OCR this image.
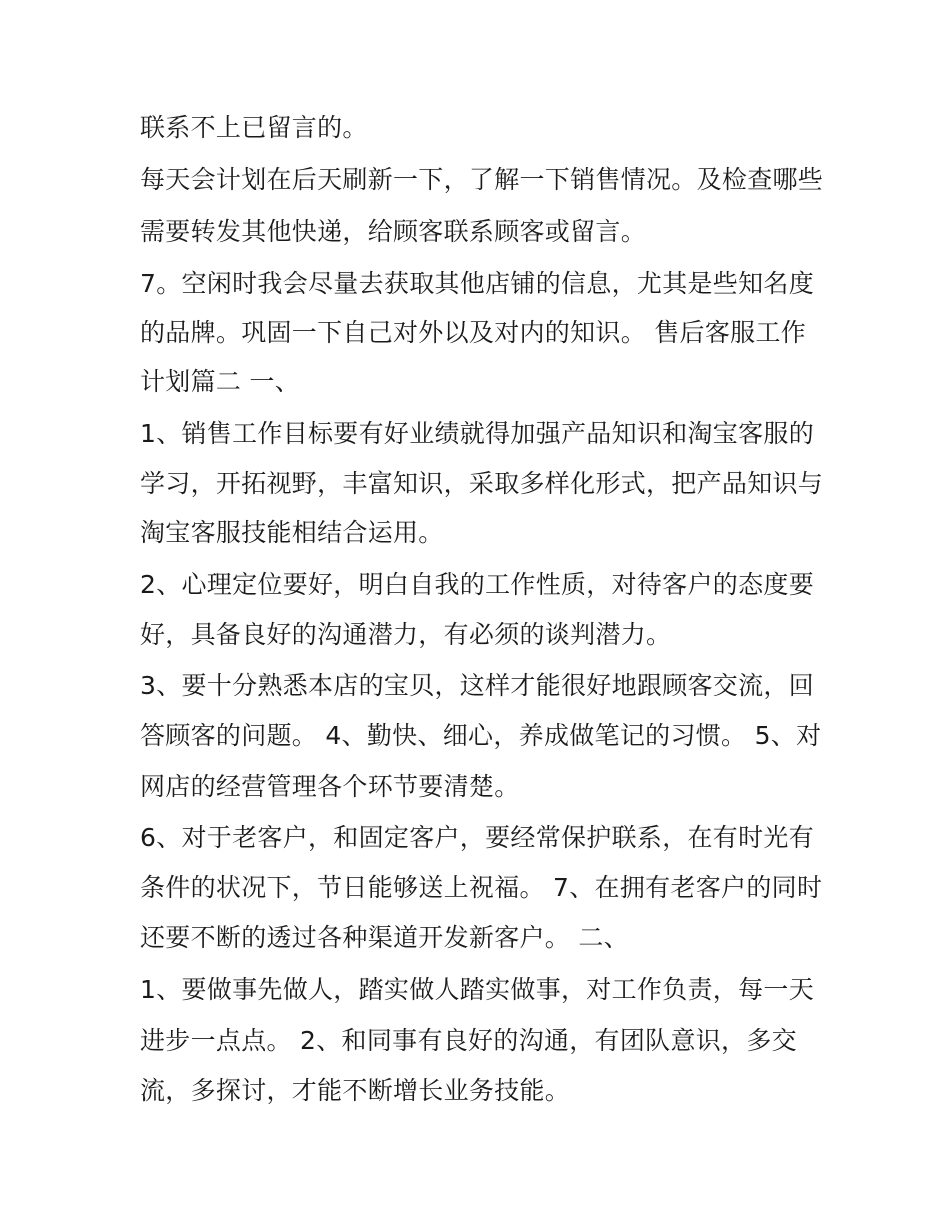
联系不上已留言的。
每天会计划在后天刷新一下，了解一下销售情况。及检查哪些
需要转发其他快递，给顾客联系顾客或留言。
7。空闲时我会尽量去获取其他店铺的信息，尤其是些知名度
的品牌。巩固一下自己对外以及对内的知识。 售后客服工作
计划篇二 一、
1、销售工作目标要有好业绩就得加强产品知识和淘宝客服的
学习，开拓视野，丰富知识，采取多样化形式，把产品知识与
淘宝客服技能相结合运用。
2、心理定位要好，明白自我的工作性质，对待客户的态度要
好，具备良好的沟通潜力，有必须的谈判潜力。
3、要十分熟悉本店的宝贝，这样才能很好地跟顾客交流，回
答顾客的问题。 4、勤快、细心，养成做笔记的习惯。 5、对
网店的经营管理各个环节要清楚。
6、对于老客户，和固定客户，要经常保护联系，在有时光有
条件的状况下，节日能够送上祝福。 7、在拥有老客户的同时
还要不断的透过各种渠道开发新客户。 二、
1、要做事先做人，踏实做人踏实做事，对工作负责，每一天
进步一点点。 2、和同事有良好的沟通，有团队意识，多交
流，多探讨，才能不断增长业务技能。
